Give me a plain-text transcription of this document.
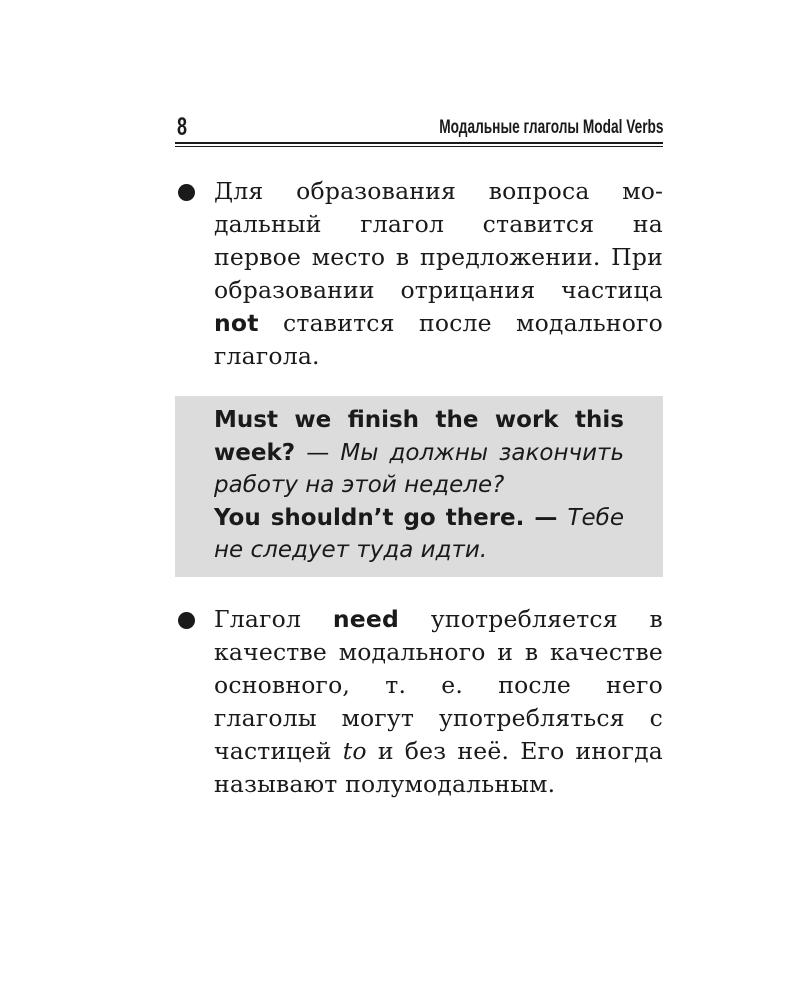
8	Модальные глаголы Modal Verbs

Для образования вопроса модальный глагол ставится на первое место в предложении. При образовании отрицания частица not ставится после модального глагола.

Must we finish the work this week? — Мы должны закончить работу на этой неделе?
You shouldn’t go there. — Тебе не следует туда идти.

Глагол need употребляется в качестве модального и в качестве основного, т. е. после него глаголы могут употребляться с частицей to и без неё. Его иногда называют полумодальным.
